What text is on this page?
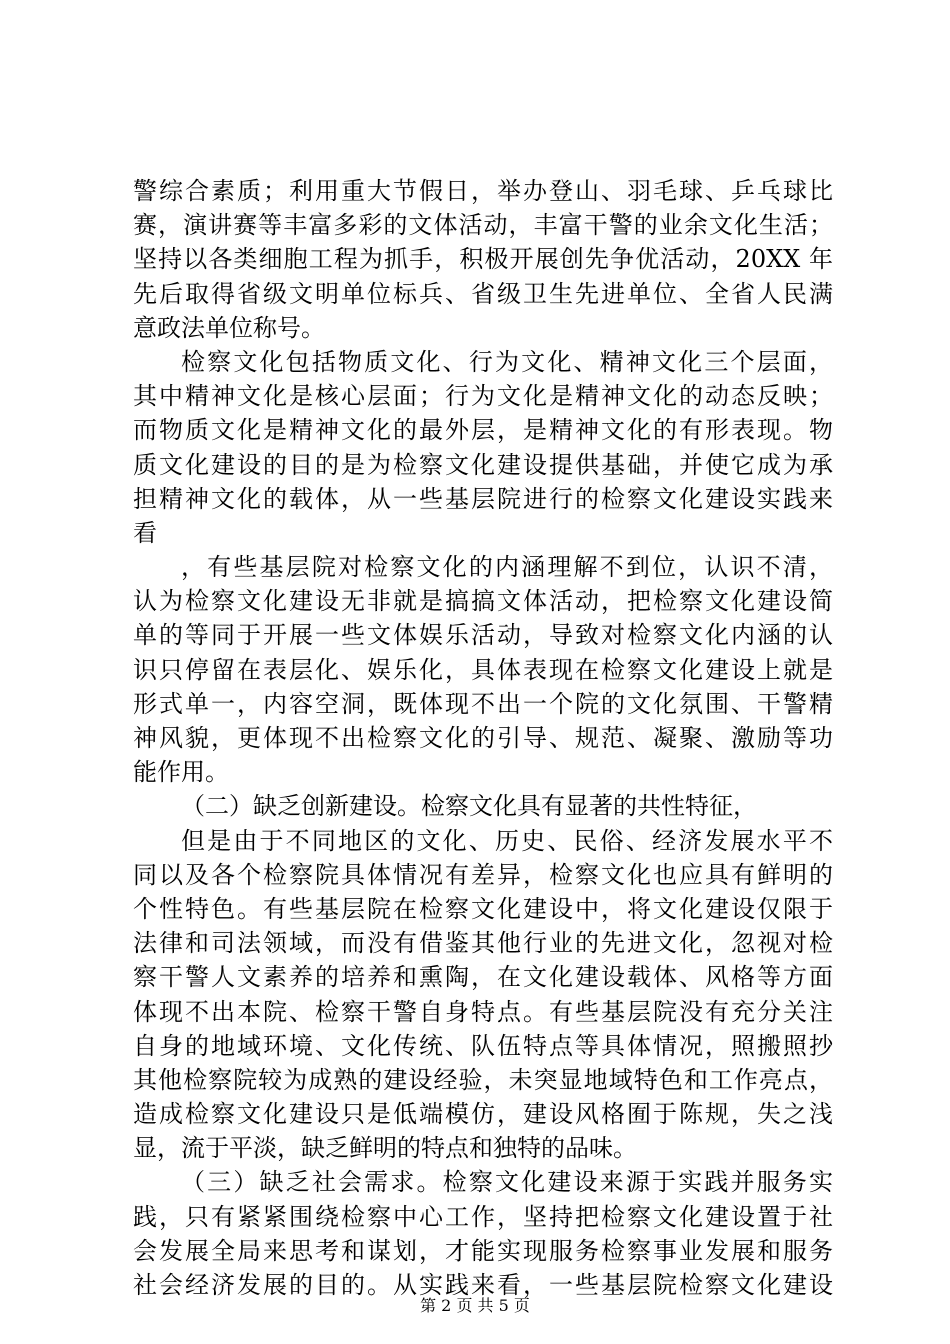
警综合素质；利用重大节假日，举办登山、羽毛球、乒乓球比
赛，演讲赛等丰富多彩的文体活动，丰富干警的业余文化生活；
坚持以各类细胞工程为抓手，积极开展创先争优活动，20XX 年
先后取得省级文明单位标兵、省级卫生先进单位、全省人民满
意政法单位称号。
检察文化包括物质文化、行为文化、精神文化三个层面，
其中精神文化是核心层面；行为文化是精神文化的动态反映；
而物质文化是精神文化的最外层，是精神文化的有形表现。物
质文化建设的目的是为检察文化建设提供基础，并使它成为承
担精神文化的载体，从一些基层院进行的检察文化建设实践来
看
，有些基层院对检察文化的内涵理解不到位，认识不清，
认为检察文化建设无非就是搞搞文体活动，把检察文化建设简
单的等同于开展一些文体娱乐活动，导致对检察文化内涵的认
识只停留在表层化、娱乐化，具体表现在检察文化建设上就是
形式单一，内容空洞，既体现不出一个院的文化氛围、干警精
神风貌，更体现不出检察文化的引导、规范、凝聚、激励等功
能作用。
（二）缺乏创新建设。检察文化具有显著的共性特征，
但是由于不同地区的文化、历史、民俗、经济发展水平不
同以及各个检察院具体情况有差异，检察文化也应具有鲜明的
个性特色。有些基层院在检察文化建设中，将文化建设仅限于
法律和司法领域，而没有借鉴其他行业的先进文化，忽视对检
察干警人文素养的培养和熏陶，在文化建设载体、风格等方面
体现不出本院、检察干警自身特点。有些基层院没有充分关注
自身的地域环境、文化传统、队伍特点等具体情况，照搬照抄
其他检察院较为成熟的建设经验，未突显地域特色和工作亮点，
造成检察文化建设只是低端模仿，建设风格囿于陈规，失之浅
显，流于平淡，缺乏鲜明的特点和独特的品味。
（三）缺乏社会需求。检察文化建设来源于实践并服务实
践，只有紧紧围绕检察中心工作，坚持把检察文化建设置于社
会发展全局来思考和谋划，才能实现服务检察事业发展和服务
社会经济发展的目的。从实践来看，一些基层院检察文化建设
第 2 页 共 5 页
